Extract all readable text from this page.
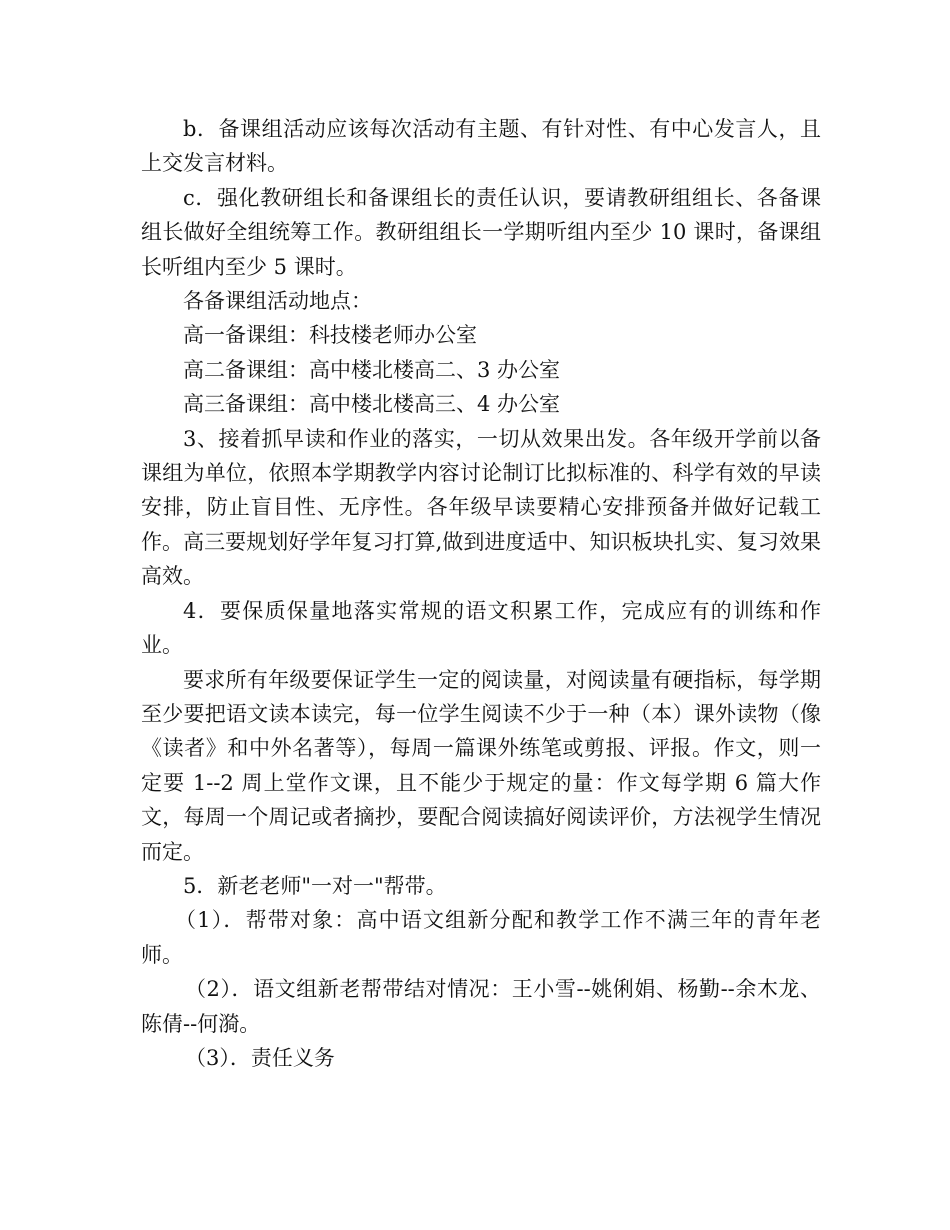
b．备课组活动应该每次活动有主题、有针对性、有中心发言人，且上交发言材料。

c．强化教研组长和备课组长的责任认识，要请教研组组长、各备课组长做好全组统筹工作。教研组组长一学期听组内至少 10 课时，备课组长听组内至少 5 课时。

各备课组活动地点：

高一备课组：科技楼老师办公室

高二备课组：高中楼北楼高二、3 办公室

高三备课组：高中楼北楼高三、4 办公室

3、接着抓早读和作业的落实，一切从效果出发。各年级开学前以备课组为单位，依照本学期教学内容讨论制订比拟标准的、科学有效的早读安排，防止盲目性、无序性。各年级早读要精心安排预备并做好记载工作。高三要规划好学年复习打算,做到进度适中、知识板块扎实、复习效果高效。

4．要保质保量地落实常规的语文积累工作，完成应有的训练和作业。

要求所有年级要保证学生一定的阅读量，对阅读量有硬指标，每学期至少要把语文读本读完，每一位学生阅读不少于一种（本）课外读物（像《读者》和中外名著等），每周一篇课外练笔或剪报、评报。作文，则一定要 1--2 周上堂作文课，且不能少于规定的量：作文每学期 6 篇大作文，每周一个周记或者摘抄，要配合阅读搞好阅读评价，方法视学生情况而定。

5．新老老师"一对一"帮带。

（1）．帮带对象：高中语文组新分配和教学工作不满三年的青年老师。

（2）．语文组新老帮带结对情况：王小雪--姚俐娟、杨勤--余木龙、陈倩--何漪。

（3）．责任义务
